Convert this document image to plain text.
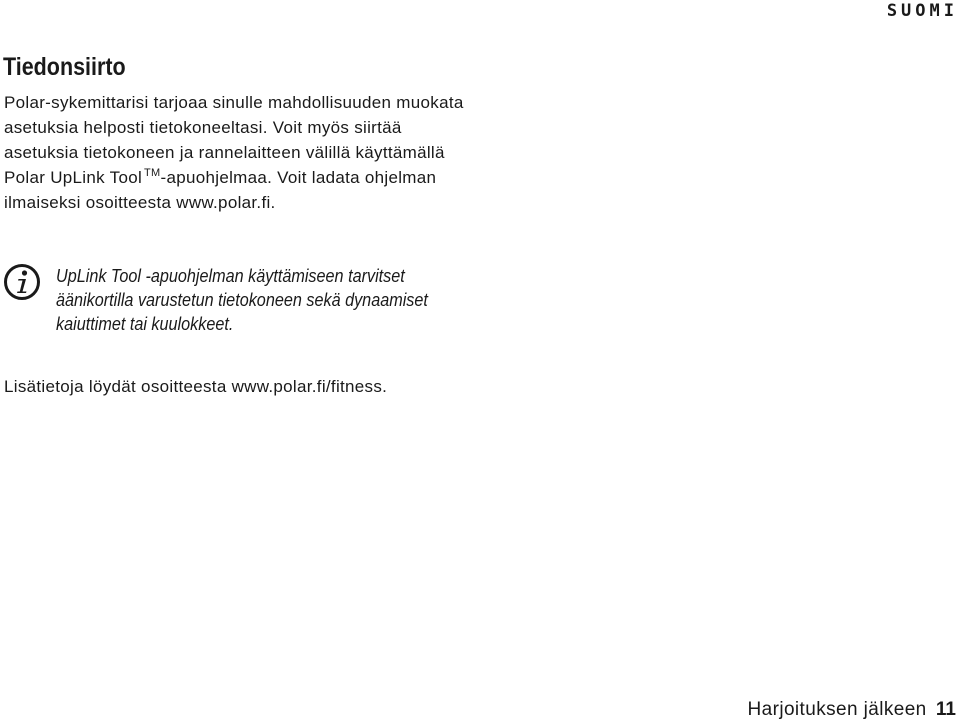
SUOMI
Tiedonsiirto

Polar-sykemittarisi tarjoaa sinulle mahdollisuuden muokata asetuksia helposti tietokoneeltasi. Voit myös siirtää asetuksia tietokoneen ja rannelaitteen välillä käyttämällä Polar UpLink Tool ™-apuohjelmaa. Voit ladata ohjelman ilmaiseksi osoitteesta www.polar.fi.

UpLink Tool -apuohjelman käyttämiseen tarvitset äänikortilla varustetun tietokoneen sekä dynaamiset kaiuttimet tai kuulokkeet.

Lisätietoja löydät osoitteesta www.polar.fi/fitness.

Harjoituksen jälkeen 11
